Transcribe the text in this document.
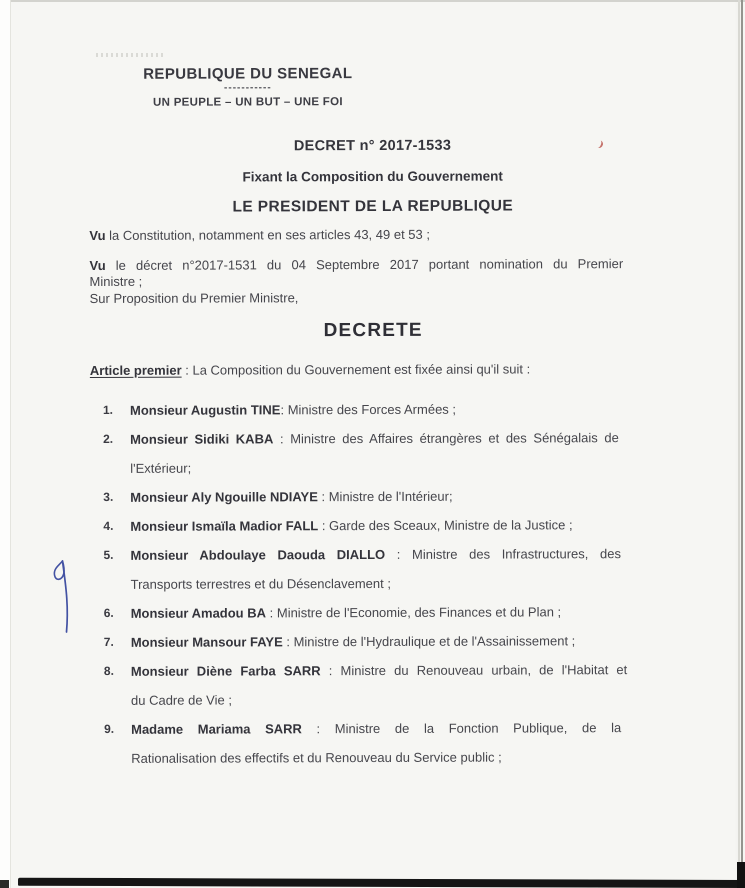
REPUBLIQUE DU SENEGAL
-----------
UN PEUPLE – UN BUT – UNE FOI
DECRET n° 2017-1533
Fixant la Composition du Gouvernement
LE PRESIDENT DE LA REPUBLIQUE

Vu la Constitution, notamment en ses articles 43, 49 et 53 ;

Vu le décret n°2017-1531 du 04 Septembre 2017 portant nomination du Premier
Ministre ;

Sur Proposition du Premier Ministre,

DECRETE

Article premier : La Composition du Gouvernement est fixée ainsi qu'il suit :

1. Monsieur Augustin TINE: Ministre des Forces Armées ;
2. Monsieur Sidiki KABA : Ministre des Affaires étrangères et des Sénégalais de
l'Extérieur;
3. Monsieur Aly Ngouille NDIAYE : Ministre de l'Intérieur;
4. Monsieur Ismaïla Madior FALL : Garde des Sceaux, Ministre de la Justice ;
5. Monsieur Abdoulaye Daouda DIALLO : Ministre des Infrastructures, des
Transports terrestres et du Désenclavement ;
6. Monsieur Amadou BA : Ministre de l'Economie, des Finances et du Plan ;
7. Monsieur Mansour FAYE : Ministre de l'Hydraulique et de l'Assainissement ;
8. Monsieur Diène Farba SARR : Ministre du Renouveau urbain, de l'Habitat et
du Cadre de Vie ;
9. Madame Mariama SARR : Ministre de la Fonction Publique, de la
Rationalisation des effectifs et du Renouveau du Service public ;
